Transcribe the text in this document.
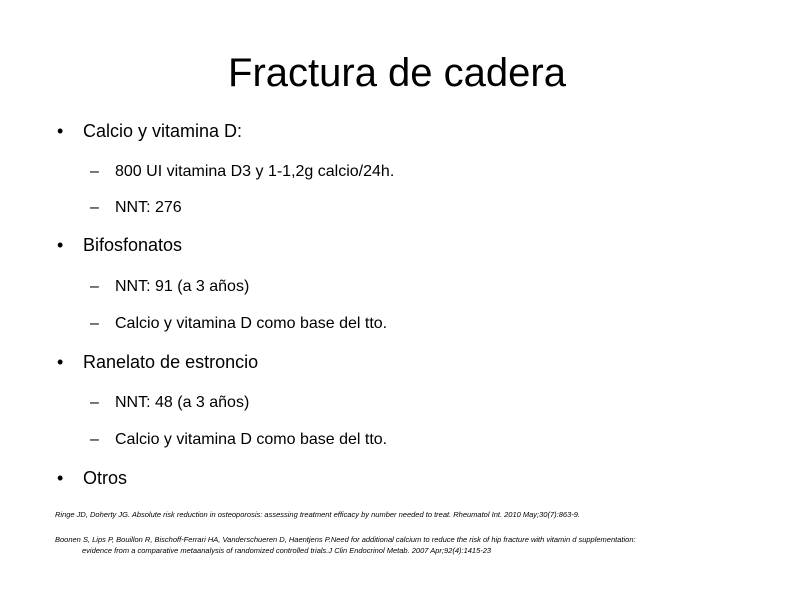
Fractura de cadera
• Calcio y vitamina D:
– 800 UI vitamina D3 y 1-1,2g calcio/24h.
– NNT: 276
• Bifosfonatos
– NNT: 91 (a 3 años)
– Calcio y vitamina D como base del tto.
• Ranelato de estroncio
– NNT: 48 (a 3 años)
– Calcio y vitamina D como base del tto.
• Otros
Ringe JD, Doherty JG. Absolute risk reduction in osteoporosis: assessing treatment efficacy by number needed to treat. Rheumatol Int. 2010 May;30(7):863-9.
Boonen S, Lips P, Bouillon R, Bischoff-Ferrari HA, Vanderschueren D, Haentjens P.Need for additional calcium to reduce the risk of hip fracture with vitamin d supplementation:
evidence from a comparative metaanalysis of randomized controlled trials.J Clin Endocrinol Metab. 2007 Apr;92(4):1415-23
